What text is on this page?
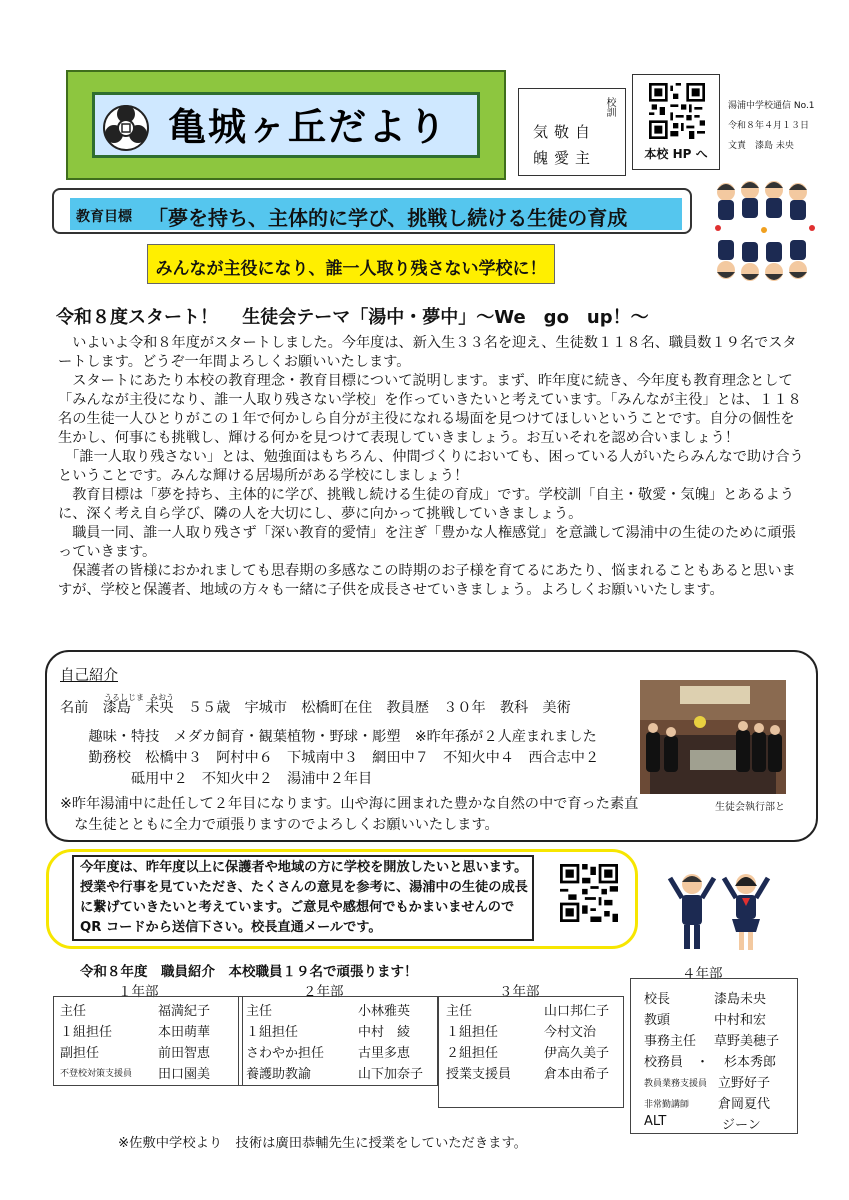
亀城ヶ丘だより	校訓
気敬自
魄愛主	本校 HP へ
湯浦中学校通信 No.1
令和８年４月１３日
文責　漆島 未央
教育目標 「夢を持ち、主体的に学び、挑戦し続ける生徒の育成
みんなが主役になり、誰一人取り残さない学校に！
令和８度スタート！　 生徒会テーマ「湯中・夢中」～We　go　up！～

　いよいよ令和８年度がスタートしました。今年度は、新入生３３名を迎え、生徒数１１８名、職員数１９名でスタートします。どうぞ一年間よろしくお願いいたします。

　スタートにあたり本校の教育理念・教育目標について説明します。まず、昨年度に続き、今年度も教育理念として「みんなが主役になり、誰一人取り残さない学校」を作っていきたいと考えています。「みんなが主役」とは、１１８名の生徒一人ひとりがこの１年で何かしら自分が主役になれる場面を見つけてほしいということです。自分の個性を生かし、何事にも挑戦し、輝ける何かを見つけて表現していきましょう。お互いそれを認め合いましょう！

　「誰一人取り残さない」とは、勉強面はもちろん、仲間づくりにおいても、困っている人がいたらみんなで助け合うということです。みんな輝ける居場所がある学校にしましょう！

　教育目標は「夢を持ち、主体的に学び、挑戦し続ける生徒の育成」です。学校訓「自主・敬愛・気魄」とあるように、深く考え自ら学び、隣の人を大切にし、夢に向かって挑戦していきましょう。

　職員一同、誰一人取り残さず「深い教育的愛情」を注ぎ「豊かな人権感覚」を意識して湯浦中の生徒のために頑張っていきます。

　保護者の皆様におかれましても思春期の多感なこの時期のお子様を育てるにあたり、悩まれることもあると思いますが、学校と保護者、地域の方々も一緒に子供を成長させていきましょう。よろしくお願いいたします。

自己紹介
うるしじま みおう

名前　漆島　未央　５５歳　宇城市　松橋町在住　教員歴　３０年　教科　美術

　　趣味・特技　メダカ飼育・観葉植物・野球・彫塑　※昨年孫が２人産まれました

　　勤務校　松橋中３　阿村中６　下城南中３　網田中７　不知火中４　西合志中２

　　　　　砥用中２　不知火中２　湯浦中２年目

※昨年湯浦中に赴任して２年目になります。山や海に囲まれた豊かな自然の中で育った素直

　な生徒とともに全力で頑張りますのでよろしくお願いいたします。

生徒会執行部と
今年度は、昨年度以上に保護者や地域の方に学校を開放したいと思います。授業や行事を見ていただき、たくさんの意見を参考に、湯浦中の生徒の成長に繋げていきたいと考えています。ご意見や感想何でもかまいませんので QR コードから送信下さい。校長直通メールです。
令和８年度　職員紹介　本校職員１９名で頑張ります！
１年部
主任	福満紀子
１組担任	本田萌華
副担任	前田智恵
不登校対策支援員 田口園美
２年部
主任	小林雅英
１組担任	中村　綾
さわやか担任	古里多恵
養護助教諭	山下加奈子
３年部
主任	山口邦仁子
１組担任	今村文治
２組担任	伊高久美子
授業支援員	倉本由希子
４年部
校長	漆島未央
教頭	中村和宏
事務主任 草野美穂子
校務員　・ 杉本秀郎
教員業務支援員 立野好子
非常勤講師 倉岡夏代
ALT	ジーン
※佐敷中学校より　技術は廣田恭輔先生に授業をしていただきます。
